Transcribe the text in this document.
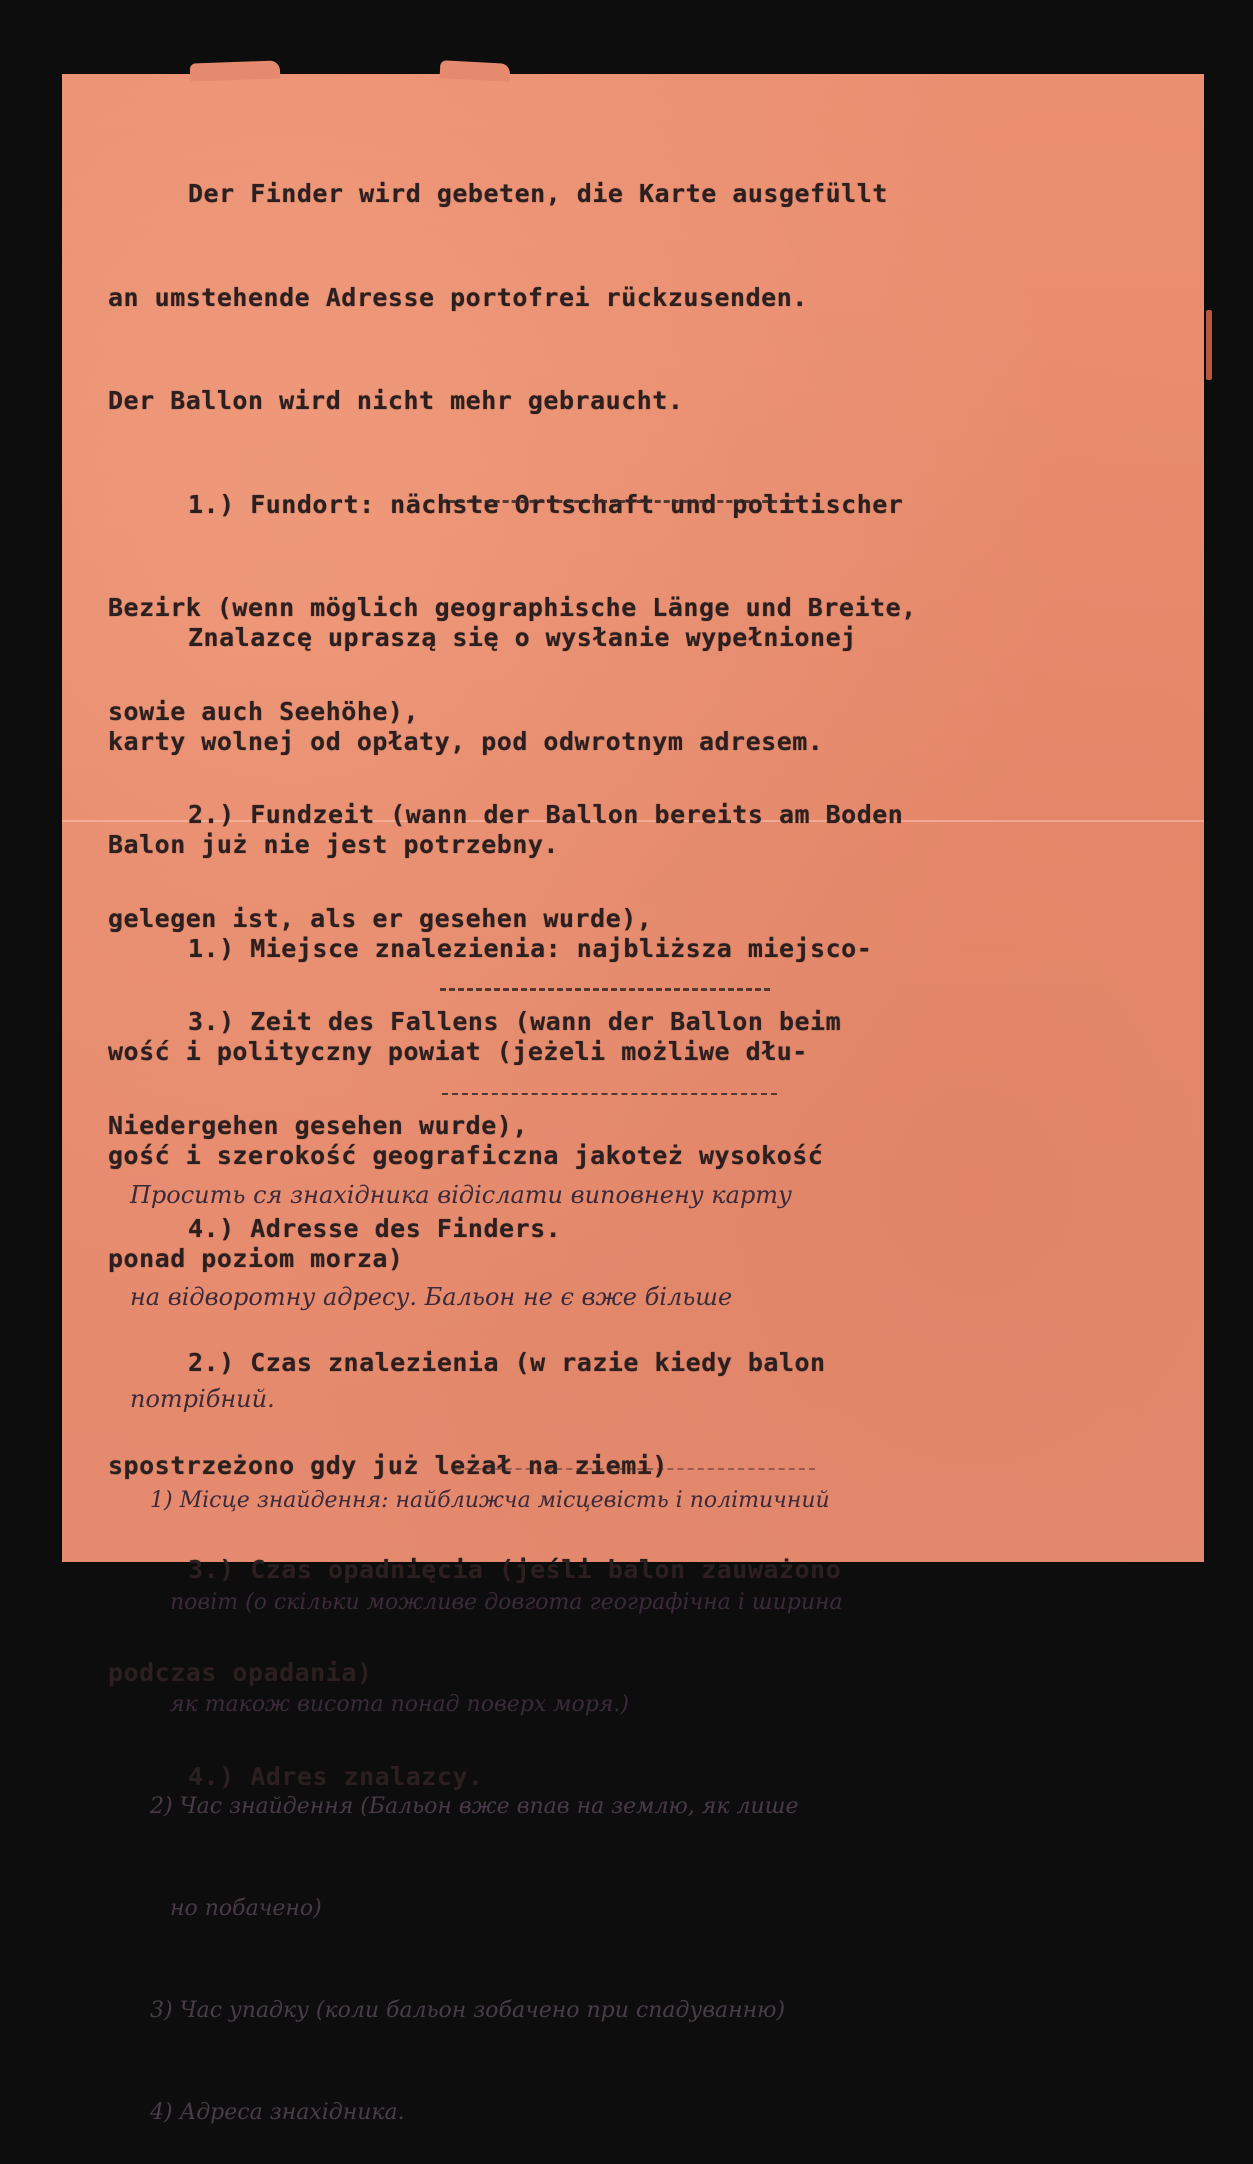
Der Finder wird gebeten, die Karte ausgefüllt

an umstehende Adresse portofrei rückzusenden.

Der Ballon wird nicht mehr gebraucht.

1.) Fundort: nächste Ortschaft und politischer

Bezirk (wenn möglich geographische Länge und Breite,

sowie auch Seehöhe),

2.) Fundzeit (wann der Ballon bereits am Boden

gelegen ist, als er gesehen wurde),

3.) Zeit des Fallens (wann der Ballon beim

Niedergehen gesehen wurde),

4.) Adresse des Finders.

Znalazcę upraszą się o wysłanie wypełnionej

karty wolnej od opłaty, pod odwrotnym adresem.

Balon już nie jest potrzebny.

1.) Miejsce znalezienia: najbliższa miejsco-

wość i polityczny powiat (jeżeli możliwe dłu-

gość i szerokość geograficzna jakoteż wysokość

ponad poziom morza)

2.) Czas znalezienia (w razie kiedy balon

spostrzeżono gdy już leżał na ziemi)

3.) Czas opadnięcia (jeśli balon zauważono

podczas opadania)

4.) Adres znalazcy.

Просить ся знахідника відіслати виповнену карту

на відворотну адресу. Бальон не є вже більше

потрібний.

1) Місце знайдення: найближча місцевість і політичний

повіт (о скільки можливе довгота географічна і ширина

як також висота понад поверх моря.)

2) Час знайдення (Бальон вже впав на землю, як лише

но побачено)

3) Час упадку (коли бальон зобачено при спадуванню)

4) Адреса знахідника.
